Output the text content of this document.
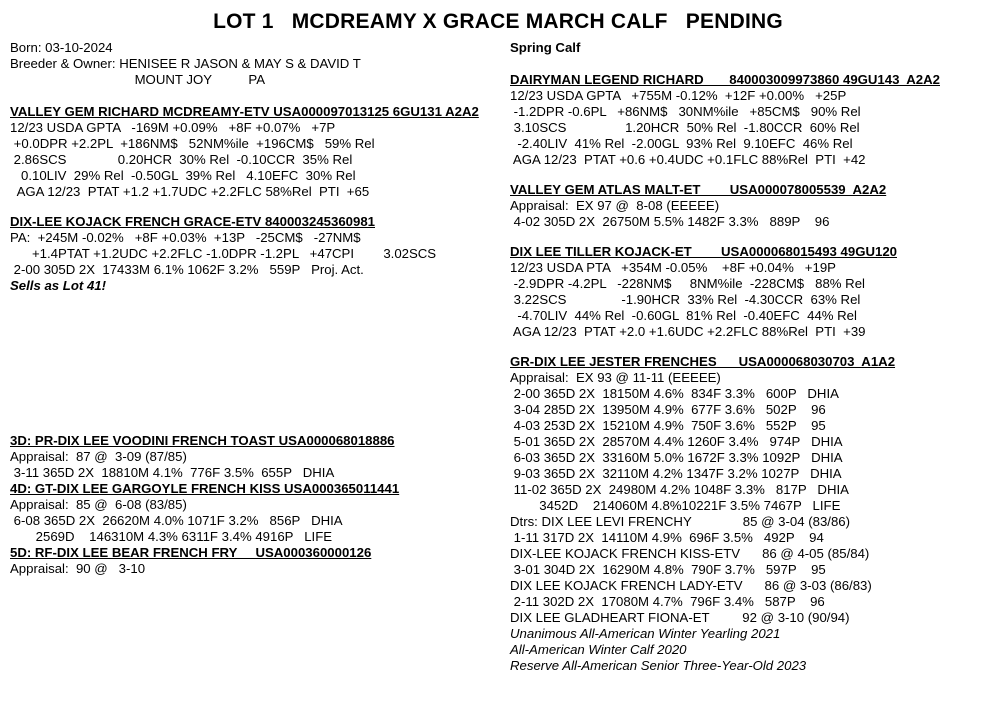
LOT 1   MCDREAMY X GRACE MARCH CALF   PENDING

Born: 03-10-2024

Breeder & Owner: HENISEE R JASON & MAY S & DAVID T

MOUNT JOY          PA

VALLEY GEM RICHARD MCDREAMY-ETV USA000097013125 6GU131 A2A2

12/23 USDA GPTA   -169M +0.09%   +8F +0.07%   +7P

+0.0DPR +2.2PL  +186NM$   52NM%ile  +196CM$   59% Rel

2.86SCS              0.20HCR  30% Rel  -0.10CCR  35% Rel

0.10LIV  29% Rel  -0.50GL  39% Rel   4.10EFC  30% Rel

AGA 12/23  PTAT +1.2 +1.7UDC +2.2FLC 58%Rel  PTI  +65

DIX-LEE KOJACK FRENCH GRACE-ETV 840003245360981

PA:  +245M -0.02%   +8F +0.03%  +13P   -25CM$   -27NM$

+1.4PTAT +1.2UDC +2.2FLC -1.0DPR -1.2PL   +47CPI        3.02SCS

2-00 305D 2X  17433M 6.1% 1062F 3.2%   559P   Proj. Act.

Sells as Lot 41!

3D: PR-DIX LEE VOODINI FRENCH TOAST USA000068018886

Appraisal:  87 @  3-09 (87/85)

3-11 365D 2X  18810M 4.1%  776F 3.5%  655P   DHIA

4D: GT-DIX LEE GARGOYLE FRENCH KISS USA000365011441

Appraisal:  85 @  6-08 (83/85)

6-08 365D 2X  26620M 4.0% 1071F 3.2%   856P   DHIA

2569D    146310M 4.3% 6311F 3.4% 4916P   LIFE

5D: RF-DIX LEE BEAR FRENCH FRY     USA000360000126

Appraisal:  90 @   3-10

Spring Calf

DAIRYMAN LEGEND RICHARD       840003009973860 49GU143  A2A2

12/23 USDA GPTA   +755M -0.12%  +12F +0.00%   +25P

-1.2DPR -0.6PL   +86NM$   30NM%ile   +85CM$   90% Rel

3.10SCS                1.20HCR  50% Rel  -1.80CCR  60% Rel

-2.40LIV  41% Rel  -2.00GL  93% Rel  9.10EFC  46% Rel

AGA 12/23  PTAT +0.6 +0.4UDC +0.1FLC 88%Rel  PTI  +42

VALLEY GEM ATLAS MALT-ET        USA000078005539  A2A2

Appraisal:  EX 97 @  8-08 (EEEEE)

4-02 305D 2X  26750M 5.5% 1482F 3.3%   889P    96

DIX LEE TILLER KOJACK-ET        USA000068015493 49GU120

12/23 USDA PTA   +354M -0.05%    +8F +0.04%   +19P

-2.9DPR -4.2PL   -228NM$     8NM%ile  -228CM$   88% Rel

3.22SCS               -1.90HCR  33% Rel  -4.30CCR  63% Rel

-4.70LIV  44% Rel  -0.60GL  81% Rel  -0.40EFC  44% Rel

AGA 12/23  PTAT +2.0 +1.6UDC +2.2FLC 88%Rel  PTI  +39

GR-DIX LEE JESTER FRENCHES      USA000068030703  A1A2

Appraisal:  EX 93 @ 11-11 (EEEEE)

2-00 365D 2X  18150M 4.6%  834F 3.3%   600P   DHIA

3-04 285D 2X  13950M 4.9%  677F 3.6%   502P    96

4-03 253D 2X  15210M 4.9%  750F 3.6%   552P    95

5-01 365D 2X  28570M 4.4% 1260F 3.4%   974P   DHIA

6-03 365D 2X  33160M 5.0% 1672F 3.3% 1092P   DHIA

9-03 365D 2X  32110M 4.2% 1347F 3.2% 1027P   DHIA

11-02 365D 2X  24980M 4.2% 1048F 3.3%   817P   DHIA

3452D    214060M 4.8%10221F 3.5% 7467P   LIFE

Dtrs: DIX LEE LEVI FRENCHY              85 @ 3-04 (83/86)

1-11 317D 2X  14110M 4.9%  696F 3.5%   492P    94

DIX-LEE KOJACK FRENCH KISS-ETV      86 @ 4-05 (85/84)

3-01 304D 2X  16290M 4.8%  790F 3.7%   597P    95

DIX LEE KOJACK FRENCH LADY-ETV      86 @ 3-03 (86/83)

2-11 302D 2X  17080M 4.7%  796F 3.4%   587P    96

DIX LEE GLADHEART FIONA-ET         92 @ 3-10 (90/94)

Unanimous All-American Winter Yearling 2021

All-American Winter Calf 2020

Reserve All-American Senior Three-Year-Old 2023
